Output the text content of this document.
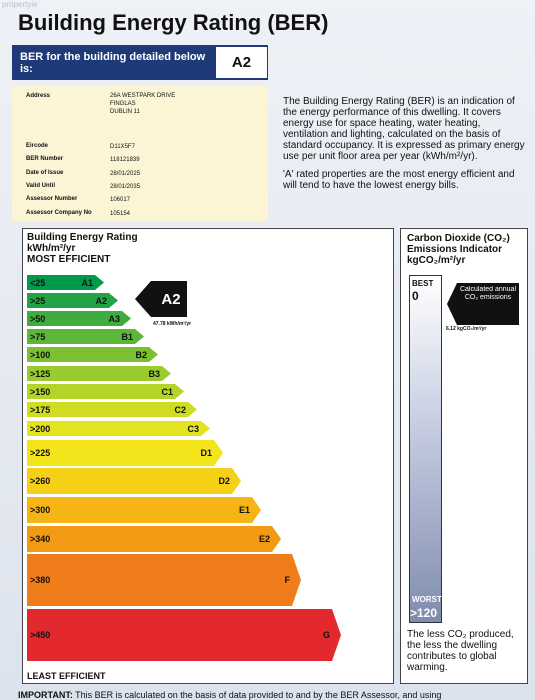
propertyie
Building Energy Rating (BER)
BER for the building detailed below is:	A2
Address	26A WESTPARK DRIVE
FINGLAS
DUBLIN 11
Eircode	D11X5F7
BER Number	118121839
Date of Issue	28/01/2025
Valid Until	28/01/2035
Assessor Number	106017
Assessor Company No	105154

The Building Energy Rating (BER) is an indication of the energy performance of this dwelling. It covers energy use for space heating, water heating, ventilation and lighting, calculated on the basis of standard occupancy. It is expressed as primary energy use per unit floor area per year (kWh/m²/yr).

'A' rated properties are the most energy efficient and will tend to have the lowest energy bills.

Building Energy Rating
kWh/m²/yr
MOST EFFICIENT
<25	A1
>25	A2
>50	A3
>75	B1
>100	B2
>125	B3
>150	C1
>175	C2
>200	C3
>225	D1
>260	D2
>300	E1
>340	E2
>380	F
>450	G
LEAST EFFICIENT
A2
47.78 kWh/m²/yr
Carbon Dioxide (CO₂)
Emissions Indicator
kgCO₂/m²/yr
BEST
0
WORST
>120
Calculated annual CO₂ emissions
6.12 kgCO₂/m²/yr
The less CO₂ produced, the less the dwelling contributes to global warming.
IMPORTANT: This BER is calculated on the basis of data provided to and by the BER Assessor, and using
